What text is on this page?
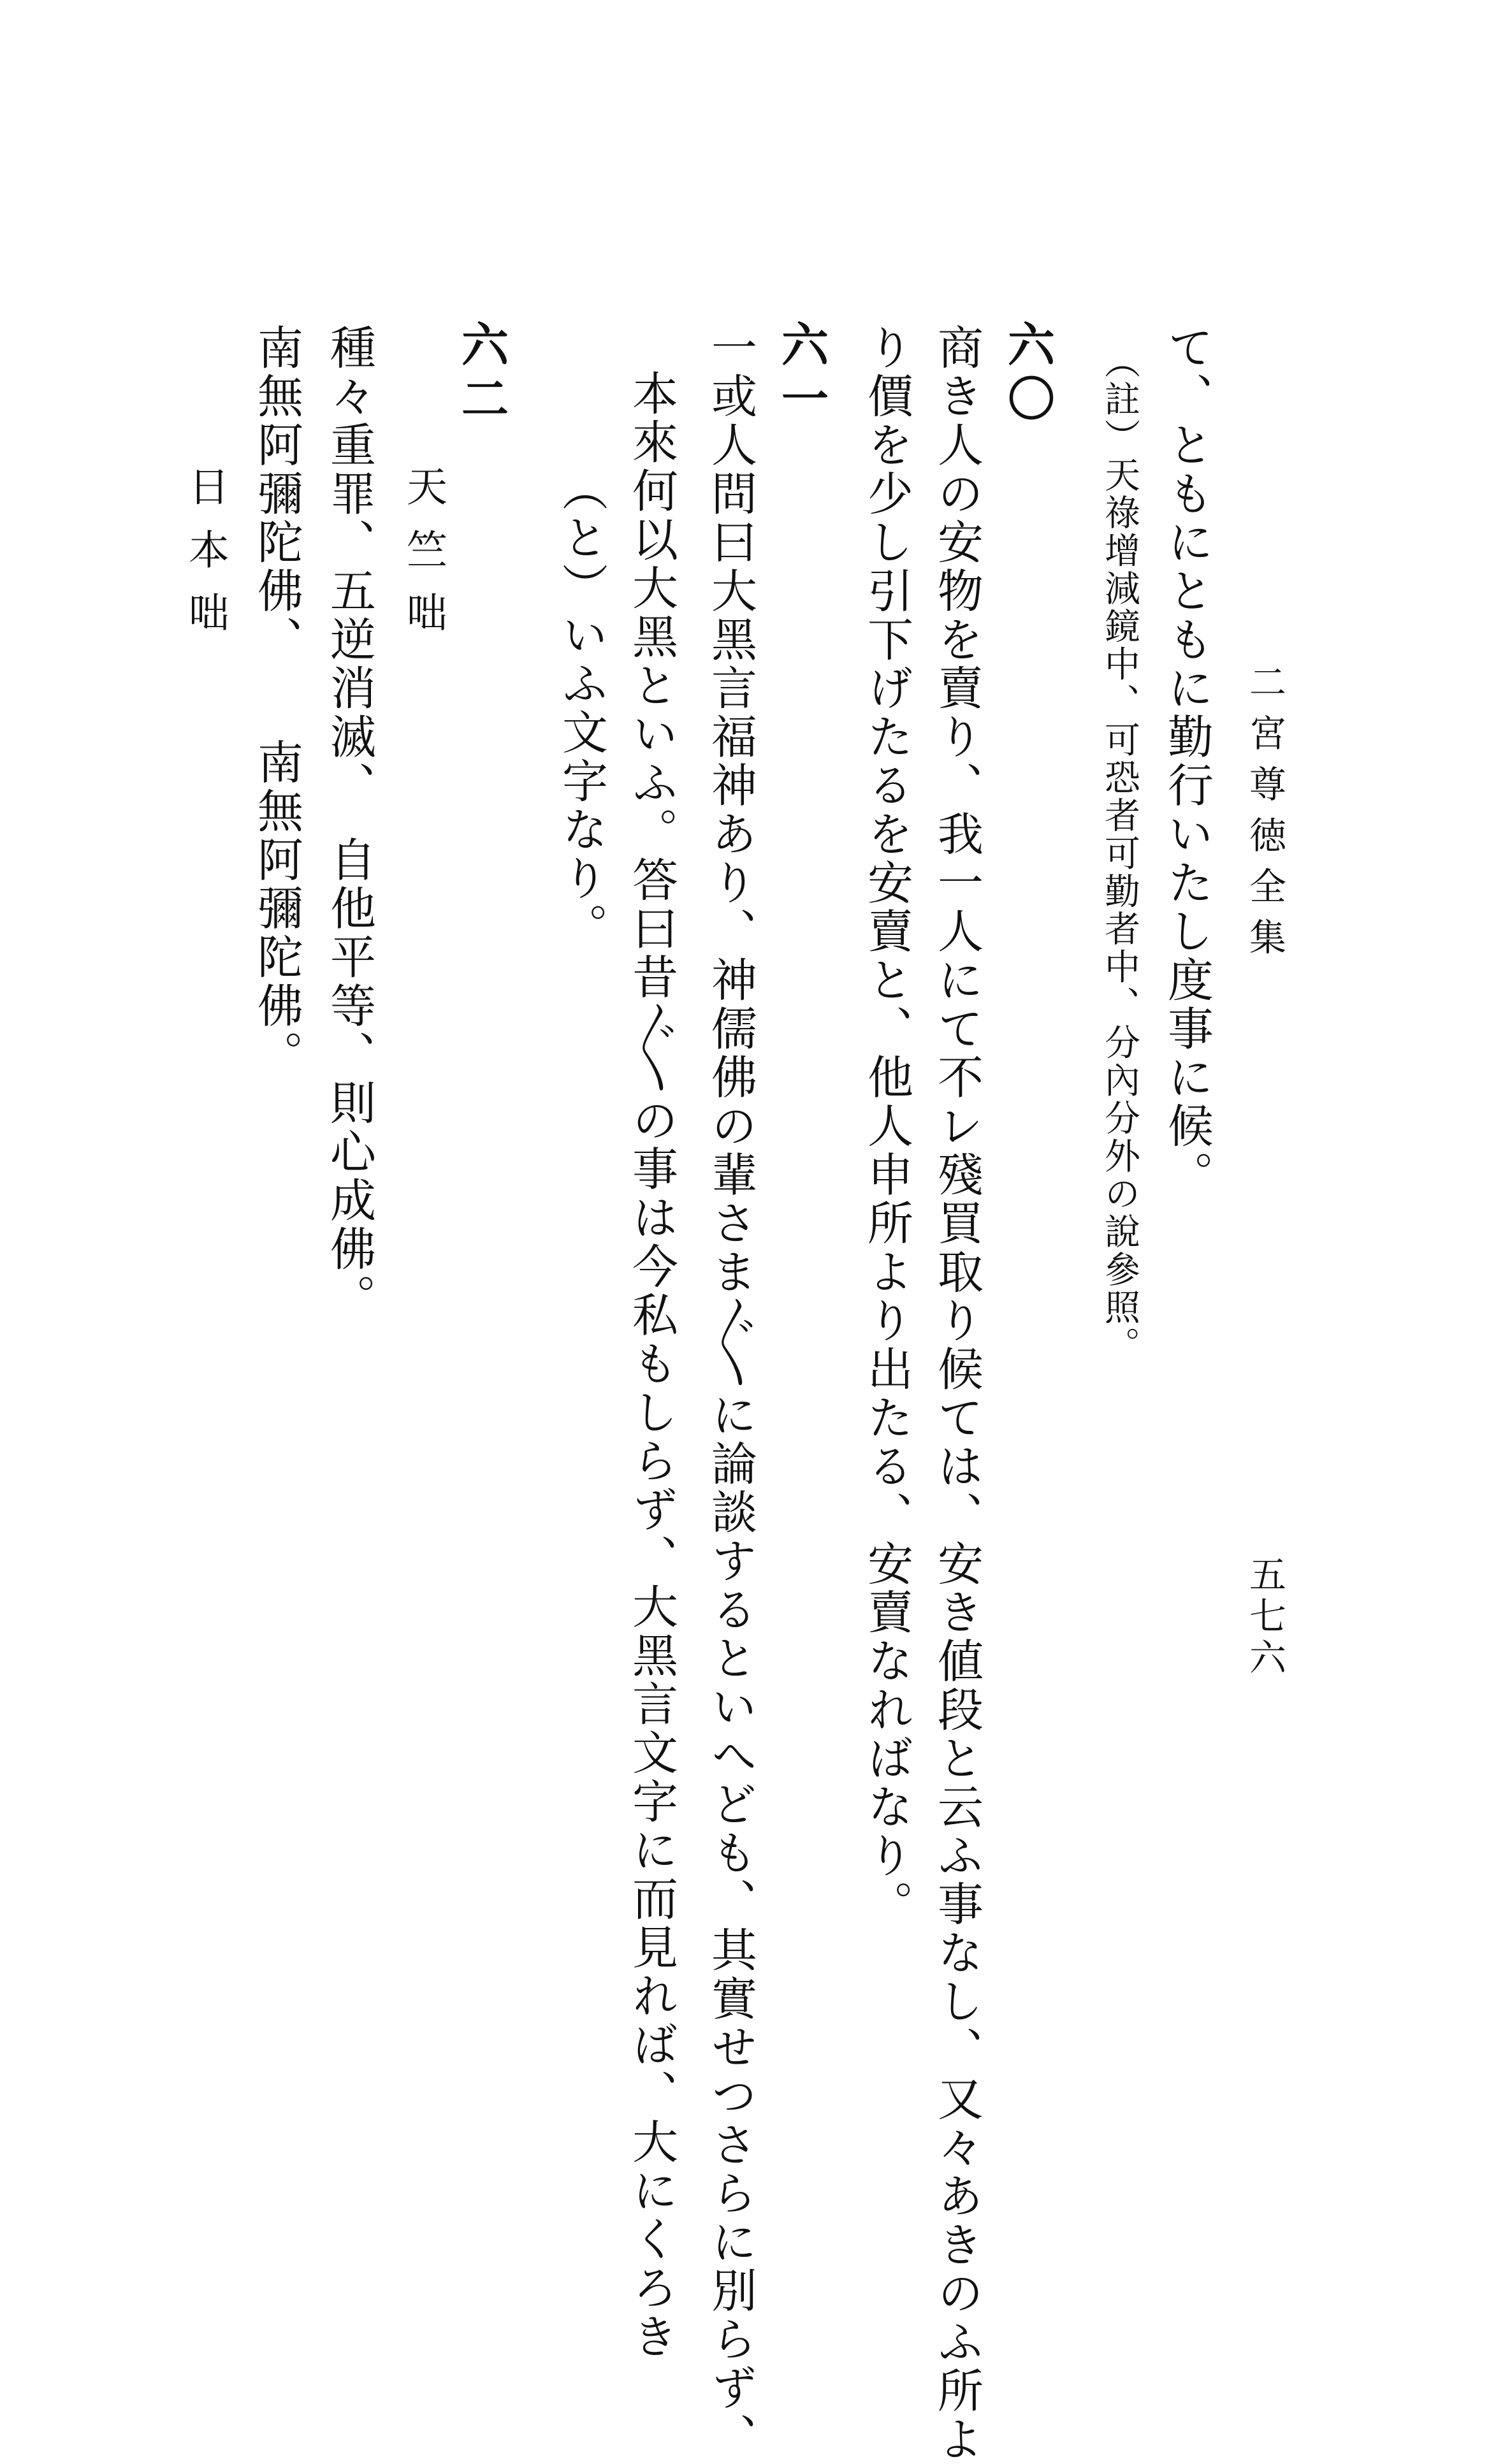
二宮尊徳全集
五七六
て、ともにともに勤行いたし度事に候。
（註）天祿增減鏡中、可恐者可勤者中、分內分外の說參照。
六〇
商き人の安物を賣り、我一人にて不レ殘買取り候ては、安き値段と云ふ事なし、又々あきのふ所よ
り價を少し引下げたるを安賣と、他人申所より出たる、安賣なればなり。
六一
一或人問曰大黑言福神あり、神儒佛の輩さま〴〵に論談するといへども、其實せつさらに別らず、
本來何以大黑といふ。答曰昔〴〵の事は今私もしらず、大黑言文字に而見れば、大にくろき
（と）いふ文字なり。
六二
天竺咄
種々重罪、五逆消滅、　自他平等、則心成佛。
南無阿彌陀佛、　　南無阿彌陀佛。
日本咄
